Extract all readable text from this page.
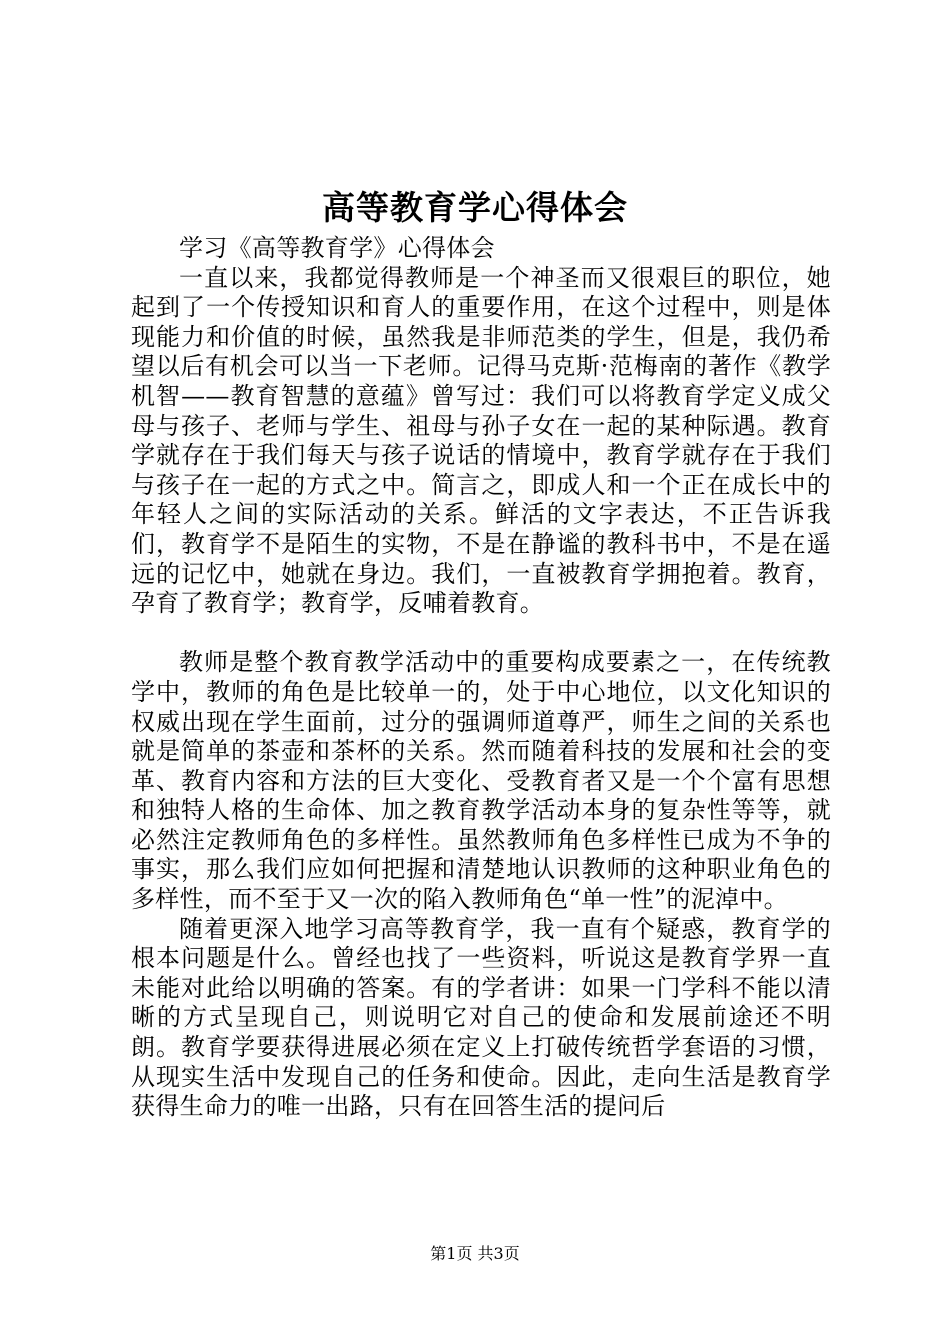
高等教育学心得体会

学习《高等教育学》心得体会

一直以来，我都觉得教师是一个神圣而又很艰巨的职位，她起到了一个传授知识和育人的重要作用，在这个过程中，则是体现能力和价值的时候，虽然我是非师范类的学生，但是，我仍希望以后有机会可以当一下老师。记得马克斯·范梅南的著作《教学机智——教育智慧的意蕴》曾写过：我们可以将教育学定义成父母与孩子、老师与学生、祖母与孙子女在一起的某种际遇。教育学就存在于我们每天与孩子说话的情境中，教育学就存在于我们与孩子在一起的方式之中。简言之，即成人和一个正在成长中的年轻人之间的实际活动的关系。鲜活的文字表达，不正告诉我们，教育学不是陌生的实物，不是在静谧的教科书中，不是在遥远的记忆中，她就在身边。我们，一直被教育学拥抱着。教育，孕育了教育学；教育学，反哺着教育。

教师是整个教育教学活动中的重要构成要素之一，在传统教学中，教师的角色是比较单一的，处于中心地位，以文化知识的权威出现在学生面前，过分的强调师道尊严，师生之间的关系也就是简单的茶壶和茶杯的关系。然而随着科技的发展和社会的变革、教育内容和方法的巨大变化、受教育者又是一个个富有思想和独特人格的生命体、加之教育教学活动本身的复杂性等等，就必然注定教师角色的多样性。虽然教师角色多样性已成为不争的事实，那么我们应如何把握和清楚地认识教师的这种职业角色的多样性，而不至于又一次的陷入教师角色“单一性”的泥淖中。

随着更深入地学习高等教育学，我一直有个疑惑，教育学的根本问题是什么。曾经也找了一些资料，听说这是教育学界一直未能对此给以明确的答案。有的学者讲：如果一门学科不能以清晰的方式呈现自己，则说明它对自己的使命和发展前途还不明朗。教育学要获得进展必须在定义上打破传统哲学套语的习惯，从现实生活中发现自己的任务和使命。因此，走向生活是教育学获得生命力的唯一出路，只有在回答生活的提问后

第1页 共3页
